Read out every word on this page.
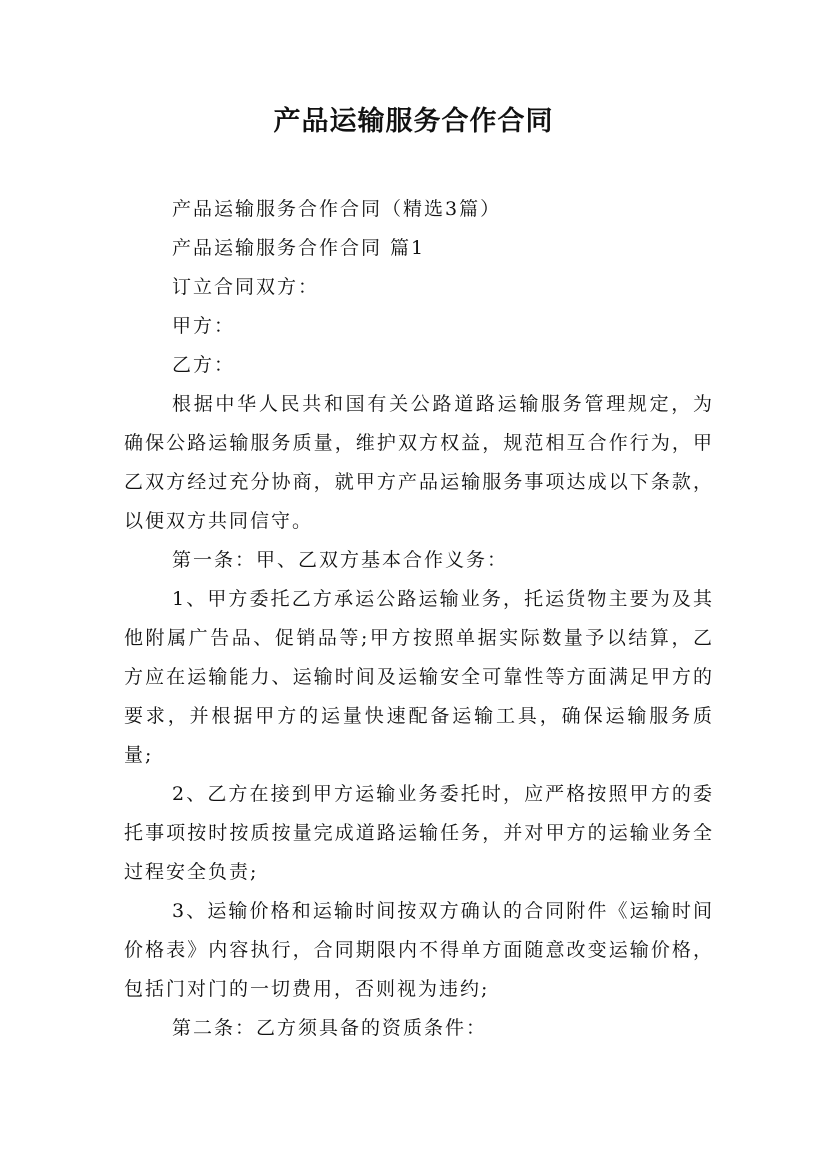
产品运输服务合作合同

产品运输服务合作合同（精选3篇）

产品运输服务合作合同 篇1

订立合同双方：

甲方：

乙方：

根据中华人民共和国有关公路道路运输服务管理规定，为确保公路运输服务质量，维护双方权益，规范相互合作行为，甲乙双方经过充分协商，就甲方产品运输服务事项达成以下条款，以便双方共同信守。

第一条：甲、乙双方基本合作义务：

1、甲方委托乙方承运公路运输业务，托运货物主要为及其他附属广告品、促销品等;甲方按照单据实际数量予以结算，乙方应在运输能力、运输时间及运输安全可靠性等方面满足甲方的要求，并根据甲方的运量快速配备运输工具，确保运输服务质量;

2、乙方在接到甲方运输业务委托时，应严格按照甲方的委托事项按时按质按量完成道路运输任务，并对甲方的运输业务全过程安全负责;

3、运输价格和运输时间按双方确认的合同附件《运输时间价格表》内容执行，合同期限内不得单方面随意改变运输价格，包括门对门的一切费用，否则视为违约;

第二条：乙方须具备的资质条件：
